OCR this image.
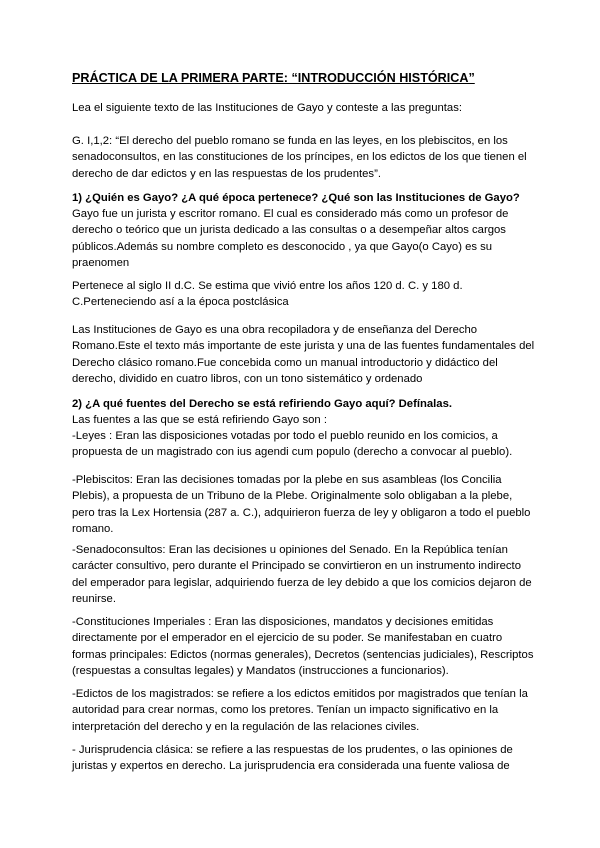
PRÁCTICA DE LA PRIMERA PARTE: “INTRODUCCIÓN HISTÓRICA”
Lea el siguiente texto de las Instituciones de Gayo y conteste a las preguntas:
G. I,1,2: “El derecho del pueblo romano se funda en las leyes, en los plebiscitos, en los
senadoconsultos, en las constituciones de los príncipes, en los edictos de los que tienen el
derecho de dar edictos y en las respuestas de los prudentes”.
1) ¿Quién es Gayo? ¿A qué época pertenece? ¿Qué son las Instituciones de Gayo?
Gayo fue un jurista y escritor romano. El cual es considerado más como un profesor de
derecho o teórico que un jurista dedicado a las consultas o a desempeñar altos cargos
públicos.Además su nombre completo es desconocido , ya que Gayo(o Cayo) es su
praenomen
Pertenece al siglo II d.C. Se estima que vivió entre los años 120 d. C. y 180 d.
C.Perteneciendo así a la época postclásica
Las Instituciones de Gayo es una obra recopiladora y de enseñanza del Derecho
Romano.Este el texto más importante de este jurista y una de las fuentes fundamentales del
Derecho clásico romano.Fue concebida como un manual introductorio y didáctico del
derecho, dividido en cuatro libros, con un tono sistemático y ordenado
2) ¿A qué fuentes del Derecho se está refiriendo Gayo aquí? Defínalas.
Las fuentes a las que se está refiriendo Gayo son :
-Leyes : Eran las disposiciones votadas por todo el pueblo reunido en los comicios, a
propuesta de un magistrado con ius agendi cum populo (derecho a convocar al pueblo).
-Plebiscitos: Eran las decisiones tomadas por la plebe en sus asambleas (los Concilia
Plebis), a propuesta de un Tribuno de la Plebe. Originalmente solo obligaban a la plebe,
pero tras la Lex Hortensia (287 a. C.), adquirieron fuerza de ley y obligaron a todo el pueblo
romano.
-Senadoconsultos: Eran las decisiones u opiniones del Senado. En la República tenían
carácter consultivo, pero durante el Principado se convirtieron en un instrumento indirecto
del emperador para legislar, adquiriendo fuerza de ley debido a que los comicios dejaron de
reunirse.
-Constituciones Imperiales : Eran las disposiciones, mandatos y decisiones emitidas
directamente por el emperador en el ejercicio de su poder. Se manifestaban en cuatro
formas principales: Edictos (normas generales), Decretos (sentencias judiciales), Rescriptos
(respuestas a consultas legales) y Mandatos (instrucciones a funcionarios).
-Edictos de los magistrados: se refiere a los edictos emitidos por magistrados que tenían la
autoridad para crear normas, como los pretores. Tenían un impacto significativo en la
interpretación del derecho y en la regulación de las relaciones civiles.
- Jurisprudencia clásica: se refiere a las respuestas de los prudentes, o las opiniones de
juristas y expertos en derecho. La jurisprudencia era considerada una fuente valiosa de
